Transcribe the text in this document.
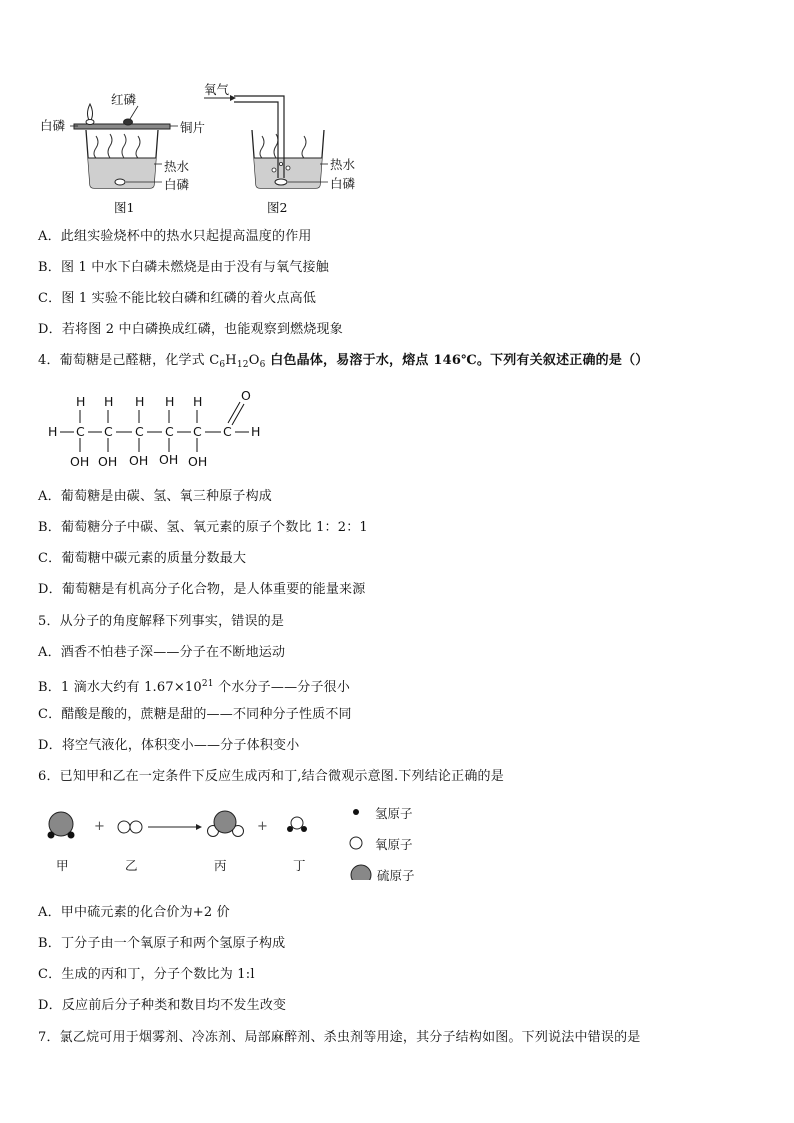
红磷
白磷	铜片
热水
白磷
图1
氧气
热水
白磷
图2
A．此组实验烧杯中的热水只起提高温度的作用
B．图 1 中水下白磷未燃烧是由于没有与氧气接触
C．图 1 实验不能比较白磷和红磷的着火点高低
D．若将图 2 中白磷换成红磷，也能观察到燃烧现象
4．葡萄糖是己醛糖，化学式 $C_6H_{12}O_6$ 白色晶体，易溶于水，熔点 146℃。下列有关叙述正确的是（）
H C C C C C C H
H H H H H
OH OH OH OH OH
O
A．葡萄糖是由碳、氢、氧三种原子构成
B．葡萄糖分子中碳、氢、氧元素的原子个数比 1：2：1
C．葡萄糖中碳元素的质量分数最大
D．葡萄糖是有机高分子化合物，是人体重要的能量来源
5．从分子的角度解释下列事实，错误的是
A．酒香不怕巷子深——分子在不断地运动
B．1 滴水大约有 $1.67\times 10^{21}$ 个水分子——分子很小
C．醋酸是酸的，蔗糖是甜的——不同种分子性质不同
D．将空气液化，体积变小——分子体积变小
6．已知甲和乙在一定条件下反应生成丙和丁,结合微观示意图.下列结论正确的是
+	+
甲	乙	丙	丁
氢原子
氧原子
硫原子
A．甲中硫元素的化合价为+2 价
B．丁分子由一个氧原子和两个氢原子构成
C．生成的丙和丁，分子个数比为 1:l
D．反应前后分子种类和数目均不发生改变
7．氯乙烷可用于烟雾剂、冷冻剂、局部麻醉剂、杀虫剂等用途，其分子结构如图。下列说法中错误的是
